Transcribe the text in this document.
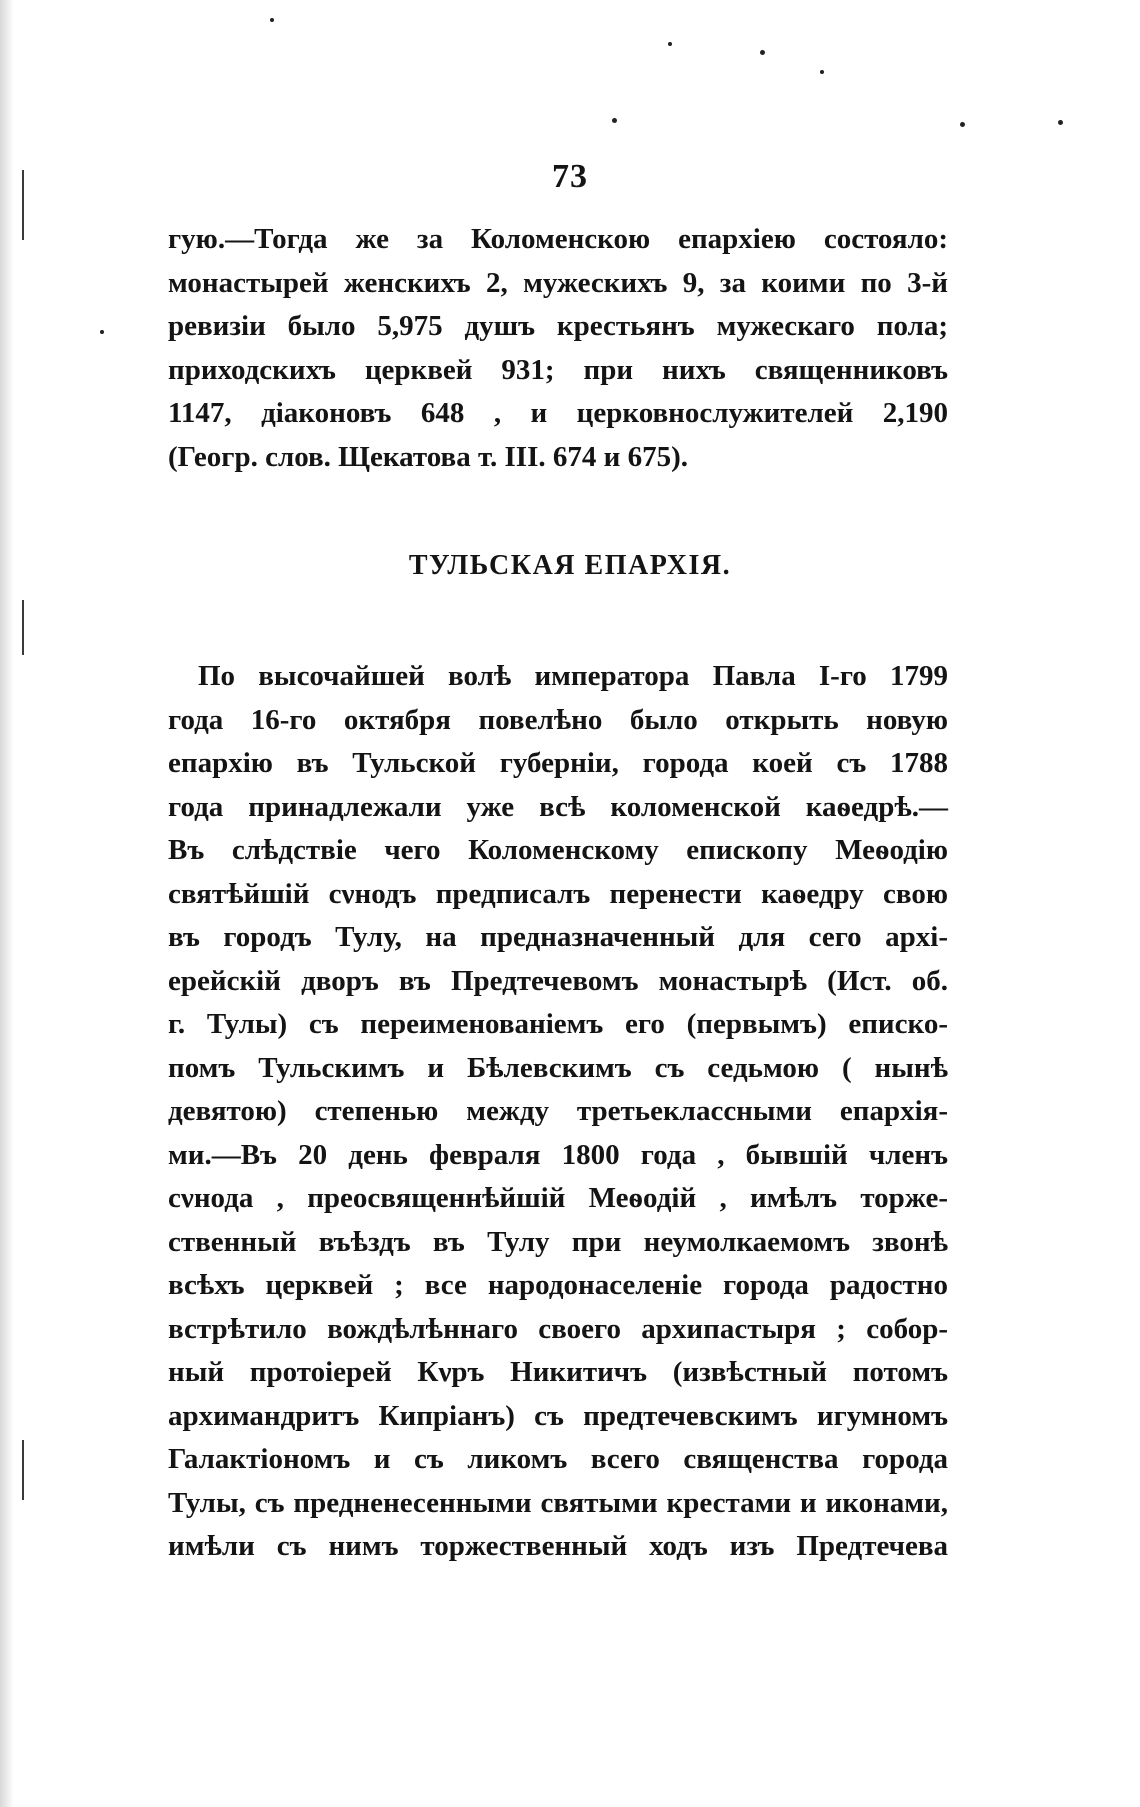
73
гую.—Тогда же за Коломенскою епархіею состояло:
монастырей женскихъ 2, мужескихъ 9, за коими по 3-й
ревизіи было 5,975 душъ крестьянъ мужескаго пола;
приходскихъ церквей 931; при нихъ священниковъ
1147, діаконовъ 648 , и церковнослужителей 2,190
(Геогр. слов. Щекатова т. III. 674 и 675).
ТУЛЬСКАЯ ЕПАРХІЯ.
По высочайшей волѣ императора Павла I-го 1799
года 16-го октября повелѣно было открыть новую
епархію въ Тульской губерніи, города коей съ 1788
года принадлежали уже всѣ коломенской каѳедрѣ.—
Въ слѣдствіе чего Коломенскому епископу Меѳодію
святѣйшій сνнодъ предписалъ перенести каѳедру свою
въ городъ Тулу, на предназначенный для сего архі-
ерейскій дворъ въ Предтечевомъ монастырѣ (Ист. об.
г. Тулы) съ переименованіемъ его (первымъ) еписко-
помъ Тульскимъ и Бѣлевскимъ съ седьмою ( нынѣ
девятою) степенью между третьеклассными епархія-
ми.—Въ 20 день февраля 1800 года , бывшій членъ
сνнода , преосвященнѣйшій Меѳодій , имѣлъ торже-
ственный въѣздъ въ Тулу при неумолкаемомъ звонѣ
всѣхъ церквей ; все народонаселеніе города радостно
встрѣтило вождѣлѣннаго своего архипастыря ; собор-
ный протоіерей Кνръ Никитичъ (извѣстный потомъ
архимандритъ Кипріанъ) съ предтечевскимъ игумномъ
Галактіономъ и съ ликомъ всего священства города
Тулы, съ предненесенными святыми крестами и иконами,
имѣли съ нимъ торжественный ходъ изъ Предтечева
